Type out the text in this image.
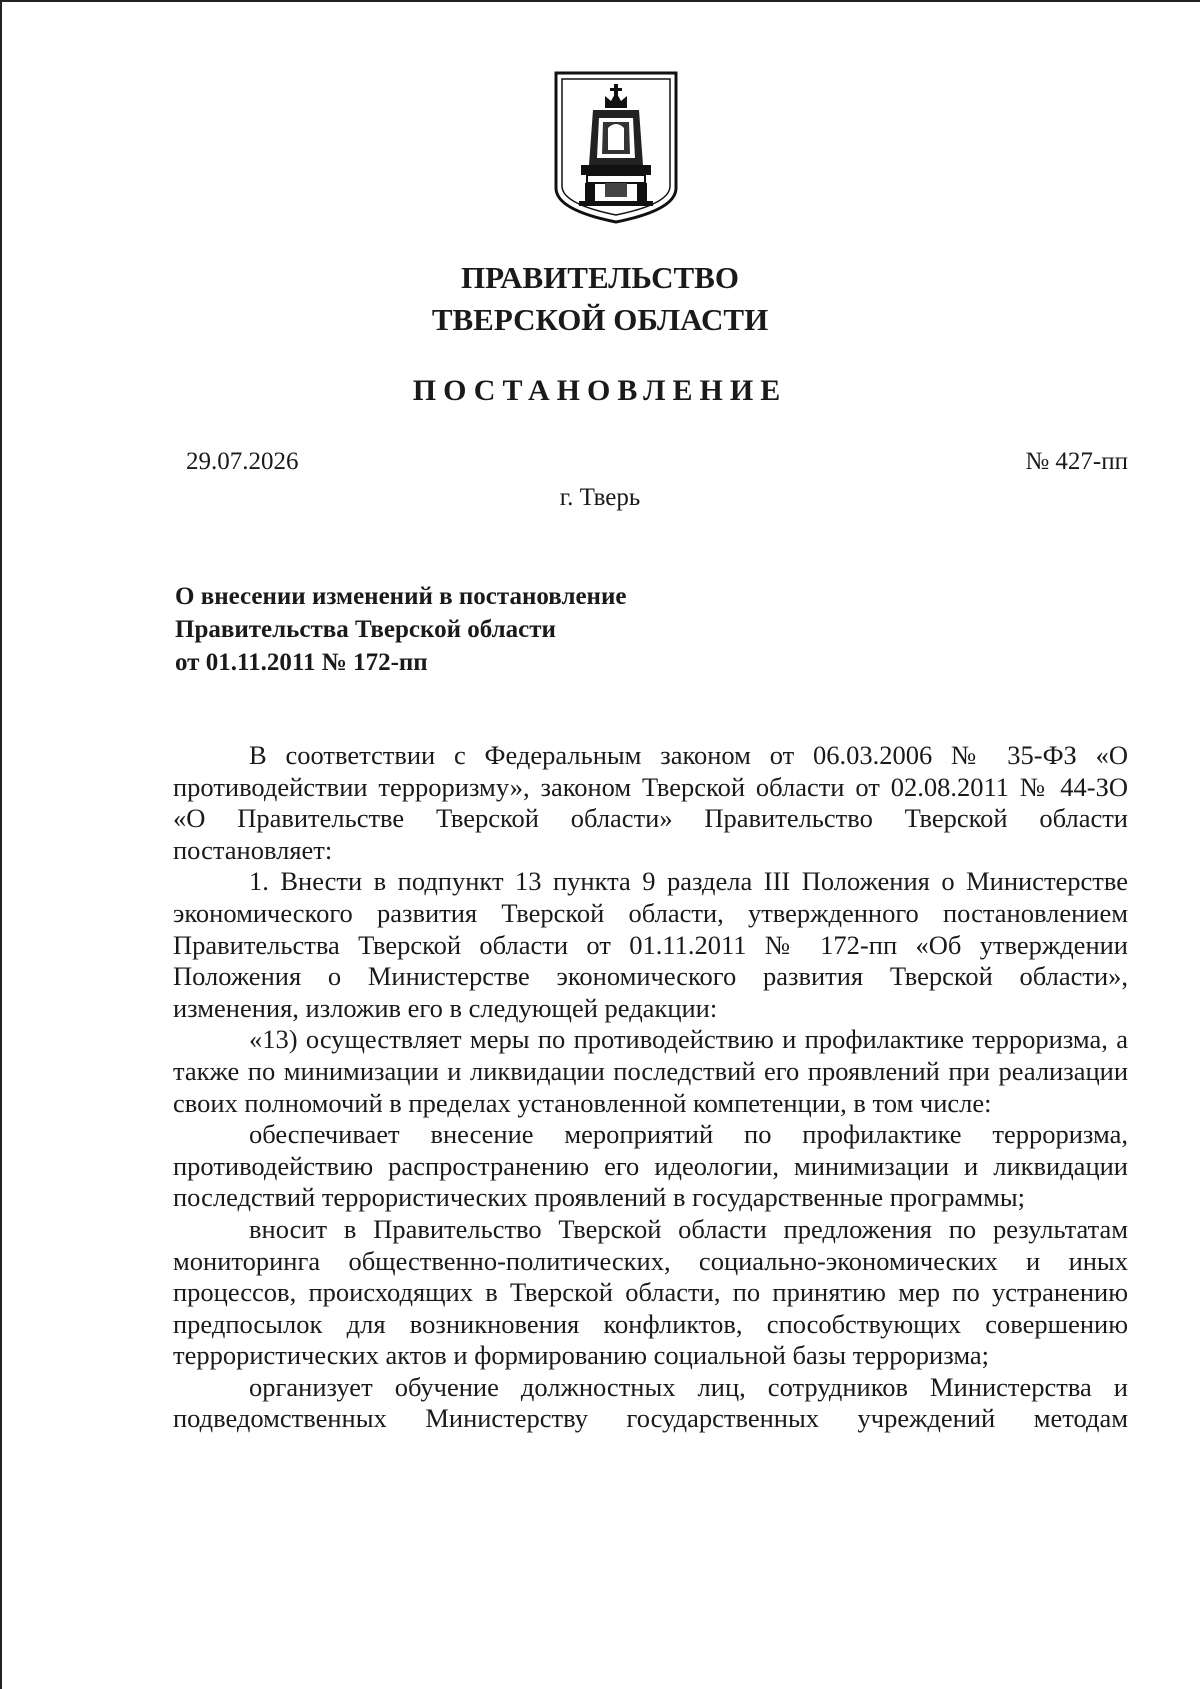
ПРАВИТЕЛЬСТВО
ТВЕРСКОЙ ОБЛАСТИ
ПОСТАНОВЛЕНИЕ

29.07.2026	№ 427-пп

г. Тверь

О внесении изменений в постановление
Правительства Тверской области
от 01.11.2011 № 172-пп

В соответствии с Федеральным законом от 06.03.2006 № 35-ФЗ «О противодействии терроризму», законом Тверской области от 02.08.2011 № 44-ЗО «О Правительстве Тверской области» Правительство Тверской области постановляет:

1. Внести в подпункт 13 пункта 9 раздела III Положения о Министерстве экономического развития Тверской области, утвержденного постановлением Правительства Тверской области от 01.11.2011 № 172-пп «Об утверждении Положения о Министерстве экономического развития Тверской области», изменения, изложив его в следующей редакции:

«13) осуществляет меры по противодействию и профилактике терроризма, а также по минимизации и ликвидации последствий его проявлений при реализации своих полномочий в пределах установленной компетенции, в том числе:

обеспечивает внесение мероприятий по профилактике терроризма, противодействию распространению его идеологии, минимизации и ликвидации последствий террористических проявлений в государственные программы;

вносит в Правительство Тверской области предложения по результатам мониторинга общественно-политических, социально-экономических и иных процессов, происходящих в Тверской области, по принятию мер по устранению предпосылок для возникновения конфликтов, способствующих совершению террористических актов и формированию социальной базы терроризма;

организует обучение должностных лиц, сотрудников Министерства и подведомственных Министерству государственных учреждений методам
